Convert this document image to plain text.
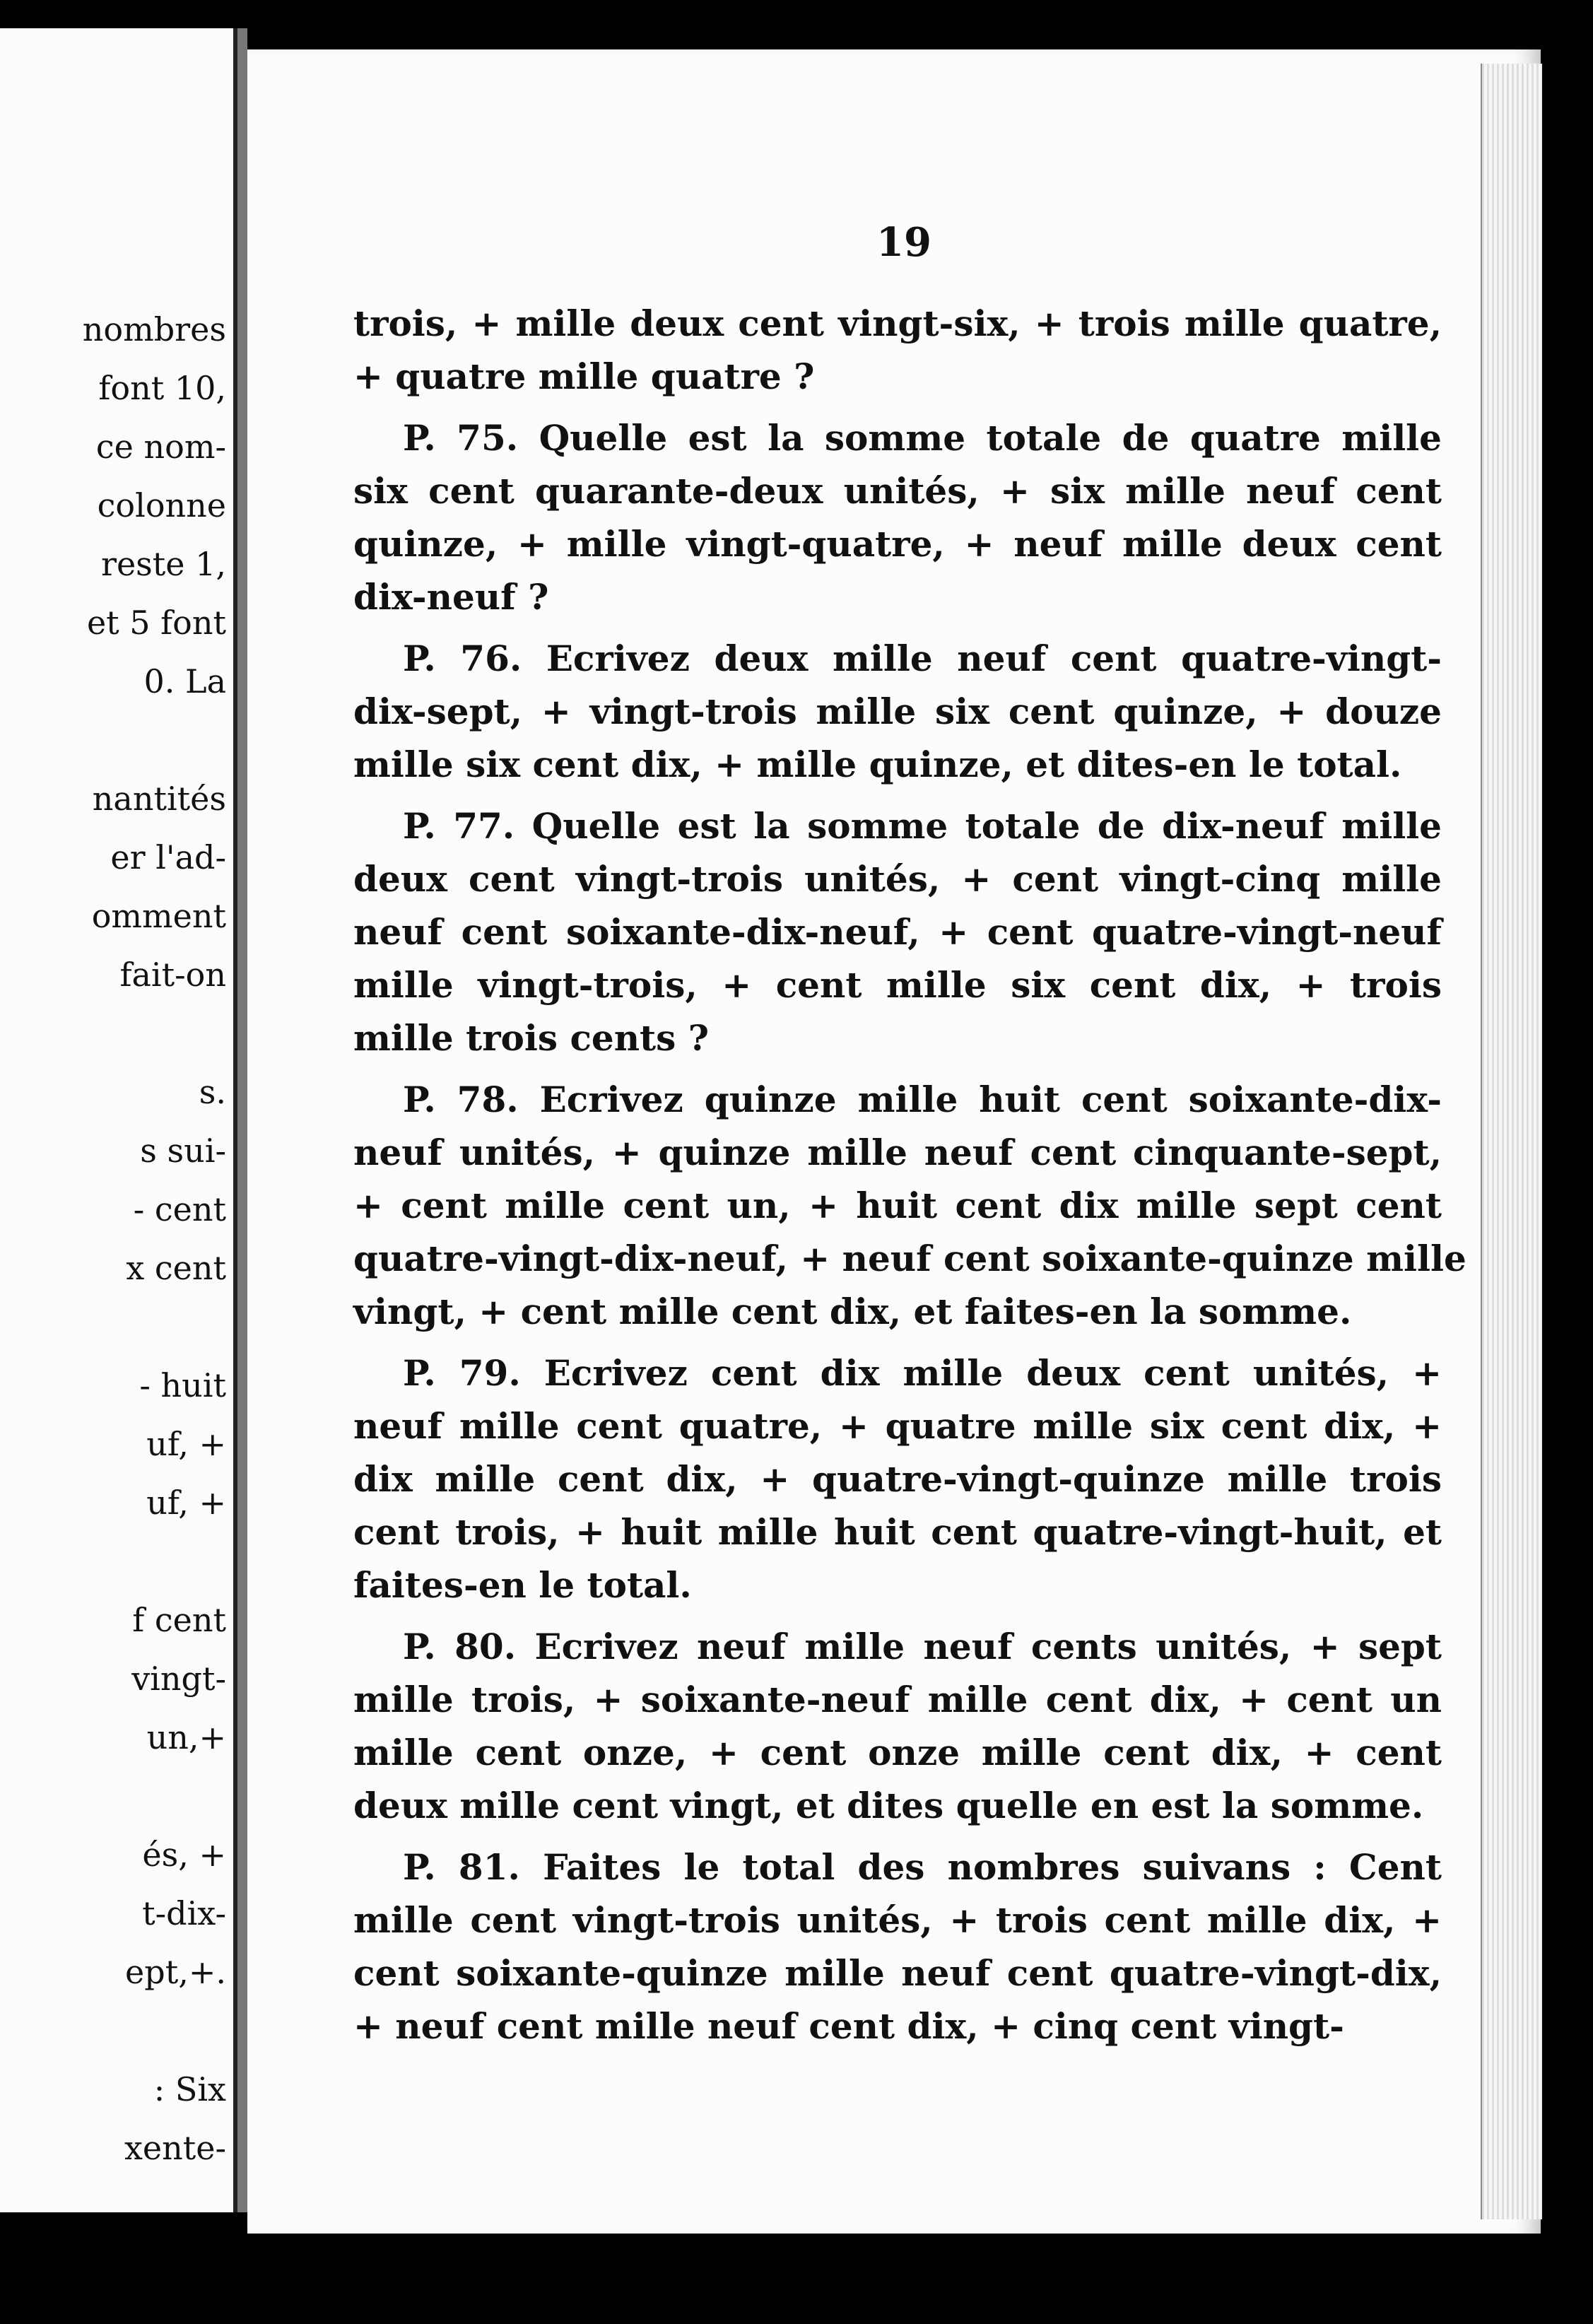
nombres
font 10,
ce nom-
colonne
reste 1,
et 5 font
0. La
nantités
er l'ad-
omment
fait-on
s.
s sui-
- cent
x cent
- huit
uf, +
uf, +
f cent
vingt-
un,+
és, +
t-dix-
ept,+.
: Six
xente-
19
trois, + mille deux cent vingt-six, + trois mille quatre,
+ quatre mille quatre ?
P. 75. Quelle est la somme totale de quatre mille
six cent quarante-deux unités, + six mille neuf cent
quinze, + mille vingt-quatre, + neuf mille deux cent
dix-neuf ?
P. 76. Ecrivez deux mille neuf cent quatre-vingt-
dix-sept, + vingt-trois mille six cent quinze, + douze
mille six cent dix, + mille quinze, et dites-en le total.
P. 77. Quelle est la somme totale de dix-neuf mille
deux cent vingt-trois unités, + cent vingt-cinq mille
neuf cent soixante-dix-neuf, + cent quatre-vingt-neuf
mille vingt-trois, + cent mille six cent dix, + trois
mille trois cents ?
P. 78. Ecrivez quinze mille huit cent soixante-dix-
neuf unités, + quinze mille neuf cent cinquante-sept,
+ cent mille cent un, + huit cent dix mille sept cent
quatre-vingt-dix-neuf, + neuf cent soixante-quinze mille
vingt, + cent mille cent dix, et faites-en la somme.
P. 79. Ecrivez cent dix mille deux cent unités, +
neuf mille cent quatre, + quatre mille six cent dix, +
dix mille cent dix, + quatre-vingt-quinze mille trois
cent trois, + huit mille huit cent quatre-vingt-huit, et
faites-en le total.
P. 80. Ecrivez neuf mille neuf cents unités, + sept
mille trois, + soixante-neuf mille cent dix, + cent un
mille cent onze, + cent onze mille cent dix, + cent
deux mille cent vingt, et dites quelle en est la somme.
P. 81. Faites le total des nombres suivans : Cent
mille cent vingt-trois unités, + trois cent mille dix, +
cent soixante-quinze mille neuf cent quatre-vingt-dix,
+ neuf cent mille neuf cent dix, + cinq cent vingt-
